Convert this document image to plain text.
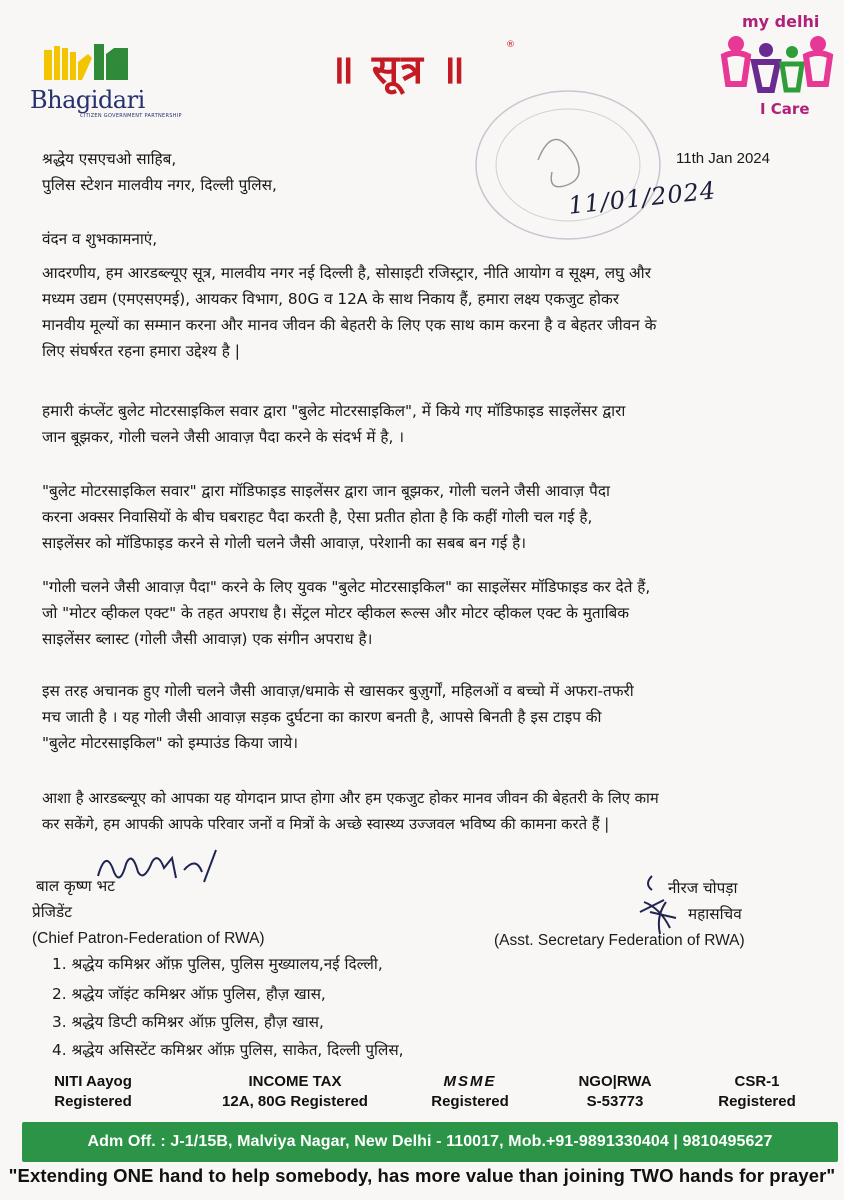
Bhagidari
CITIZEN GOVERNMENT PARTNERSHIP
॥ सूत्र ॥
®
my delhi
I Care
11/01/2024
श्रद्धेय एसएचओ साहिब,
पुलिस स्टेशन मालवीय नगर, दिल्ली पुलिस,
11th Jan 2024
वंदन व शुभकामनाएं,
आदरणीय, हम आरडब्ल्यूए सूत्र, मालवीय नगर नई दिल्ली है, सोसाइटी रजिस्ट्रार, नीति आयोग व सूक्ष्म, लघु और
मध्यम उद्यम (एमएसएमई), आयकर विभाग, 80G व 12A के साथ निकाय हैं, हमारा लक्ष्य एकजुट होकर
मानवीय मूल्यों का सम्मान करना और मानव जीवन की बेहतरी के लिए एक साथ काम करना है व बेहतर जीवन के
लिए संघर्षरत रहना हमारा उद्देश्य है |
हमारी कंप्लेंट बुलेट मोटरसाइकिल सवार द्वारा "बुलेट मोटरसाइकिल", में किये गए मॉडिफाइड साइलेंसर द्वारा
जान बूझकर, गोली चलने जैसी आवाज़ पैदा करने के संदर्भ में है, ।
"बुलेट मोटरसाइकिल सवार" द्वारा मॉडिफाइड साइलेंसर द्वारा जान बूझकर, गोली चलने जैसी आवाज़ पैदा
करना अक्सर निवासियों के बीच घबराहट पैदा करती है, ऐसा प्रतीत होता है कि कहीं गोली चल गई है,
साइलेंसर को मॉडिफाइड करने से गोली चलने जैसी आवाज़, परेशानी का सबब बन गई है।
"गोली चलने जैसी आवाज़ पैदा" करने के लिए युवक "बुलेट मोटरसाइकिल" का साइलेंसर मॉडिफाइड कर देते हैं,
जो "मोटर व्हीकल एक्ट" के तहत अपराध है। सेंट्रल मोटर व्हीकल रूल्स और मोटर व्हीकल एक्ट के मुताबिक
साइलेंसर ब्लास्ट (गोली जैसी आवाज़) एक संगीन अपराध है।
इस तरह अचानक हुए गोली चलने जैसी आवाज़/धमाके से खासकर बुज़ुर्गों, महिलओं व बच्चो में अफरा-तफरी
मच जाती है । यह गोली जैसी आवाज़ सड़क दुर्घटना का कारण बनती है, आपसे बिनती है इस टाइप की
"बुलेट मोटरसाइकिल" को इम्पाउंड किया जाये।
आशा है आरडब्ल्यूए को आपका यह योगदान प्राप्त होगा और हम एकजुट होकर मानव जीवन की बेहतरी के लिए काम
कर सकेंगे, हम आपकी आपके परिवार जनों व मित्रों के अच्छे स्वास्थ्य उज्जवल भविष्य की कामना करते हैं |
बाल कृष्ण भट
प्रेजिडेंट
(Chief Patron-Federation of RWA)
नीरज चोपड़ा
महासचिव
(Asst. Secretary Federation of RWA)
1. श्रद्धेय कमिश्नर ऑफ़ पुलिस, पुलिस मुख्यालय,नई दिल्ली,
2. श्रद्धेय जॉइंट कमिश्नर ऑफ़ पुलिस, हौज़ खास,
3. श्रद्धेय डिप्टी कमिश्नर ऑफ़ पुलिस, हौज़ खास,
4. श्रद्धेय असिस्टेंट कमिश्नर ऑफ़ पुलिस, साकेत, दिल्ली पुलिस,
NITI Aayog
Registered
INCOME TAX
12A, 80G Registered
MSME
Registered
NGO|RWA
S-53773
CSR-1
Registered
Adm Off. : J-1/15B, Malviya Nagar, New Delhi - 110017, Mob.+91-9891330404 | 9810495627
"Extending ONE hand to help somebody, has more value than joining TWO hands for prayer"
